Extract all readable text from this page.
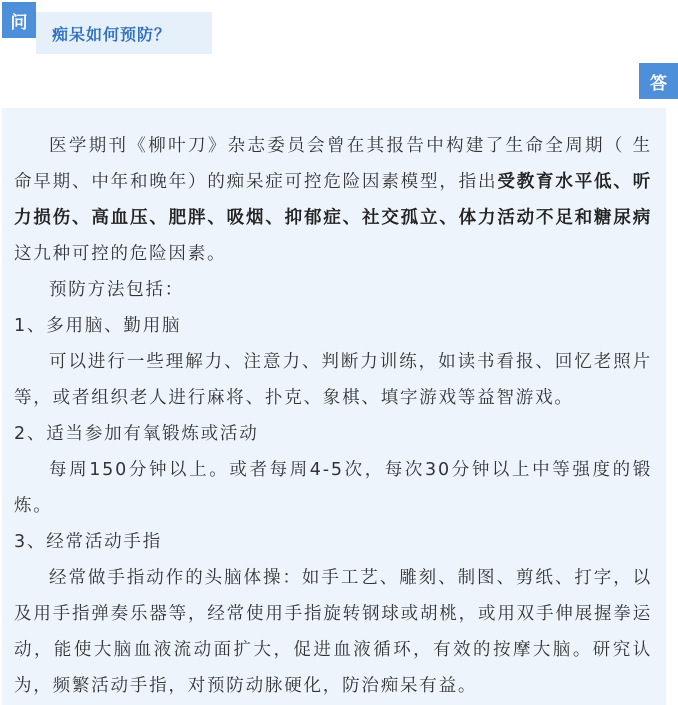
问
痴呆如何预防？
答

医学期刊《柳叶刀》杂志委员会曾在其报告中构建了生命全周期（ 生命早期、中年和晚年）的痴呆症可控危险因素模型，指出受教育水平低、听力损伤、高血压、肥胖、吸烟、抑郁症、社交孤立、体力活动不足和糖尿病这九种可控的危险因素。

预防方法包括：

1、多用脑、勤用脑

可以进行一些理解力、注意力、判断力训练，如读书看报、回忆老照片等，或者组织老人进行麻将、扑克、象棋、填字游戏等益智游戏。

2、适当参加有氧锻炼或活动

每周150分钟以上。或者每周4-5次，每次30分钟以上中等强度的锻炼。

3、经常活动手指

经常做手指动作的头脑体操：如手工艺、雕刻、制图、剪纸、打字，以及用手指弹奏乐器等，经常使用手指旋转钢球或胡桃，或用双手伸展握拳运动，能使大脑血液流动面扩大，促进血液循环，有效的按摩大脑。研究认为，频繁活动手指，对预防动脉硬化，防治痴呆有益。
